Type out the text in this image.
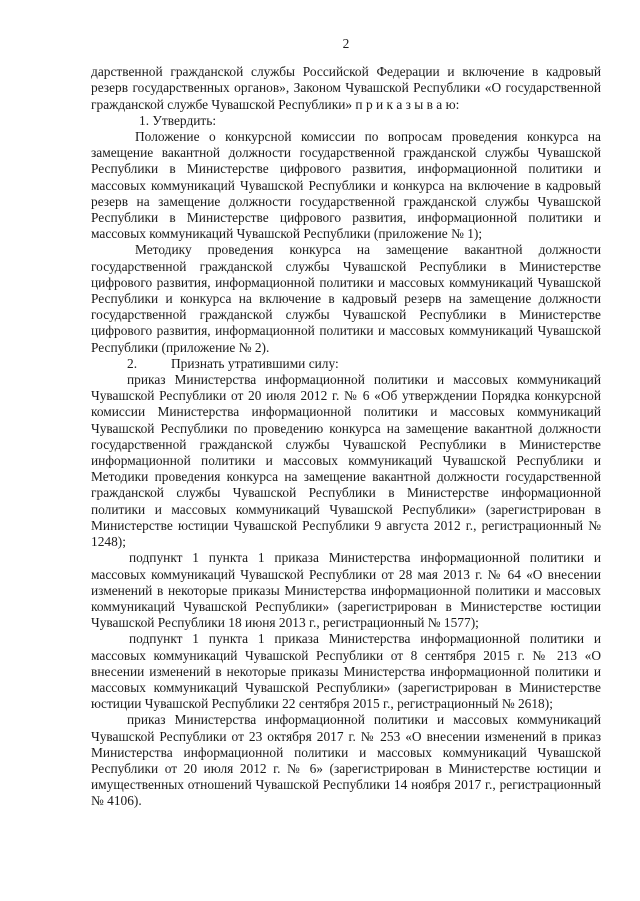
2

дарственной гражданской службы Российской Федерации и включение в кадровый резерв государственных органов», Законом Чувашской Республики «О государственной гражданской службе Чувашской Республики» п р и к а з ы в а ю:

1. Утвердить:

Положение о конкурсной комиссии по вопросам проведения конкурса на замещение вакантной должности государственной гражданской службы Чувашской Республики в Министерстве цифрового развития, информационной политики и массовых коммуникаций Чувашской Республики и конкурса на включение в кадровый резерв на замещение должности государственной гражданской службы Чувашской Республики в Министерстве цифрового развития, информационной политики и массовых коммуникаций Чувашской Республики (приложение № 1);

Методику проведения конкурса на замещение вакантной должности государственной гражданской службы Чувашской Республики в Министерстве цифрового развития, информационной политики и массовых коммуникаций Чувашской Республики и конкурса на включение в кадровый резерв на замещение должности государственной гражданской службы Чувашской Республики в Министерстве цифрового развития, информационной политики и массовых коммуникаций Чувашской Республики (приложение № 2).

2.	Признать утратившими силу:

приказ Министерства информационной политики и массовых коммуникаций Чувашской Республики от 20 июля 2012 г. № 6 «Об утверждении Порядка конкурсной комиссии Министерства информационной политики и массовых коммуникаций Чувашской Республики по проведению конкурса на замещение вакантной должности государственной гражданской службы Чувашской Республики в Министерстве информационной политики и массовых коммуникаций Чувашской Республики и Методики проведения конкурса на замещение вакантной должности государственной гражданской службы Чувашской Республики в Министерстве информационной политики и массовых коммуникаций Чувашской Республики» (зарегистрирован в Министерстве юстиции Чувашской Республики 9 августа 2012 г., регистрационный № 1248);

подпункт 1 пункта 1 приказа Министерства информационной политики и массовых коммуникаций Чувашской Республики от 28 мая 2013 г. № 64 «О внесении изменений в некоторые приказы Министерства информационной политики и массовых коммуникаций Чувашской Республики» (зарегистрирован в Министерстве юстиции Чувашской Республики 18 июня 2013 г., регистрационный № 1577);

подпункт 1 пункта 1 приказа Министерства информационной политики и массовых коммуникаций Чувашской Республики от 8 сентября 2015 г. № 213 «О внесении изменений в некоторые приказы Министерства информационной политики и массовых коммуникаций Чувашской Республики» (зарегистрирован в Министерстве юстиции Чувашской Республики 22 сентября 2015 г., регистрационный № 2618);

приказ Министерства информационной политики и массовых коммуникаций Чувашской Республики от 23 октября 2017 г. № 253 «О внесении изменений в приказ Министерства информационной политики и массовых коммуникаций Чувашской Республики от 20 июля 2012 г. № 6» (зарегистрирован в Министерстве юстиции и имущественных отношений Чувашской Республики 14 ноября 2017 г., регистрационный № 4106).
